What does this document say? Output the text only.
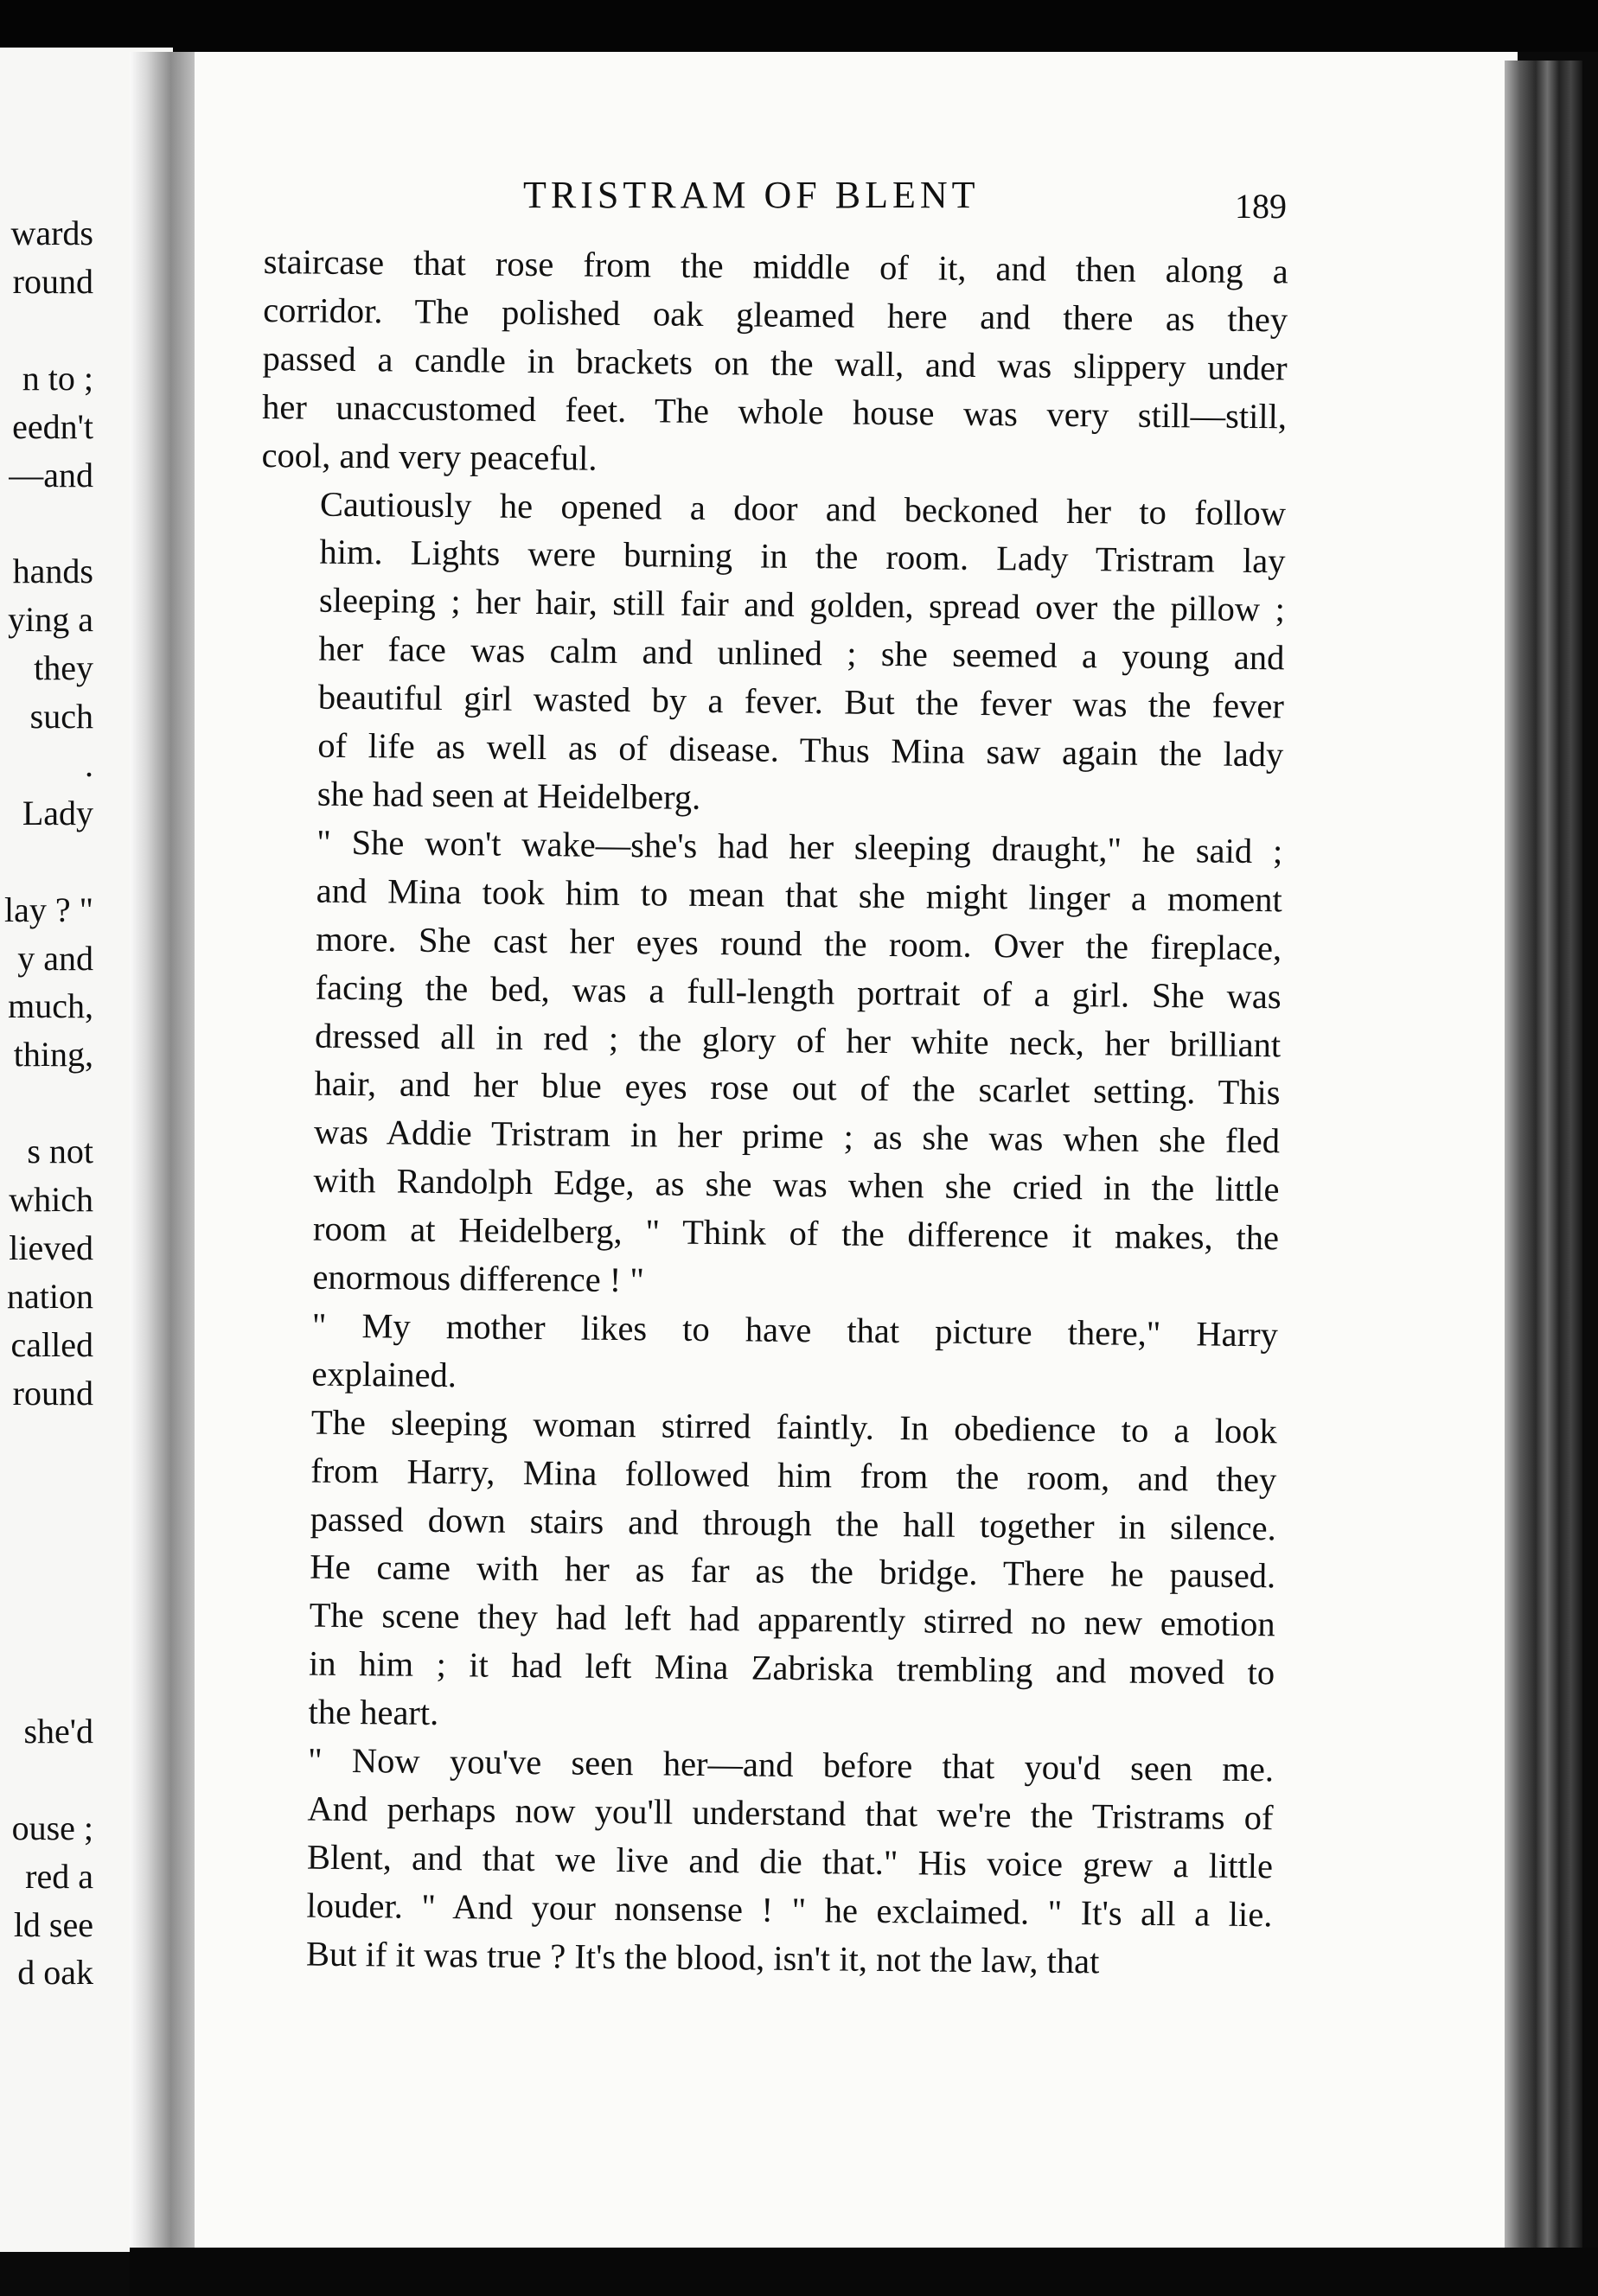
wards
round
n to ;
eedn't
—and
hands
ying a
they
such
.
Lady
lay ? "
y and
much,
thing,
s not
which
lieved
nation
called
round
she'd
ouse ;
red a
ld see
d oak
TRISTRAM OF BLENT	189
staircase that rose from the middle of it, and then along a
corridor. The polished oak gleamed here and there as they
passed a candle in brackets on the wall, and was slippery under
her unaccustomed feet. The whole house was very still—still,
cool, and very peaceful.
Cautiously he opened a door and beckoned her to follow
him. Lights were burning in the room. Lady Tristram lay
sleeping ; her hair, still fair and golden, spread over the pillow ;
her face was calm and unlined ; she seemed a young and
beautiful girl wasted by a fever. But the fever was the fever
of life as well as of disease. Thus Mina saw again the lady
she had seen at Heidelberg.
" She won't wake—she's had her sleeping draught," he said ;
and Mina took him to mean that she might linger a moment
more. She cast her eyes round the room. Over the fireplace,
facing the bed, was a full-length portrait of a girl. She was
dressed all in red ; the glory of her white neck, her brilliant
hair, and her blue eyes rose out of the scarlet setting. This
was Addie Tristram in her prime ; as she was when she fled
with Randolph Edge, as she was when she cried in the little
room at Heidelberg, " Think of the difference it makes, the
enormous difference ! "
" My mother likes to have that picture there," Harry
explained.
The sleeping woman stirred faintly. In obedience to a look
from Harry, Mina followed him from the room, and they
passed down stairs and through the hall together in silence.
He came with her as far as the bridge. There he paused.
The scene they had left had apparently stirred no new emotion
in him ; it had left Mina Zabriska trembling and moved to
the heart.
" Now you've seen her—and before that you'd seen me.
And perhaps now you'll understand that we're the Tristrams of
Blent, and that we live and die that." His voice grew a little
louder. " And your nonsense ! " he exclaimed. " It's all a lie.
But if it was true ? It's the blood, isn't it, not the law, that
